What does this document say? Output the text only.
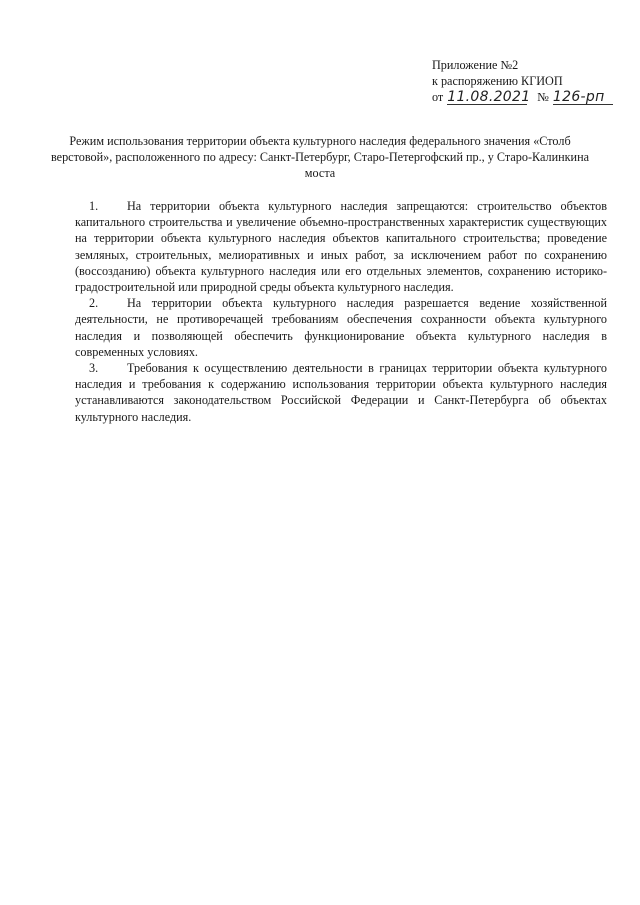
Приложение №2
к распоряжению КГИОП
от 11.08.2021 № 126-рп
Режим использования территории объекта культурного наследия федерального значения «Столб верстовой», расположенного по адресу: Санкт-Петербург, Старо-Петергофский пр., у Старо-Калинкина моста

1. На территории объекта культурного наследия запрещаются: строительство объектов капитального строительства и увеличение объемно-пространственных характеристик существующих на территории объекта культурного наследия объектов капитального строительства; проведение земляных, строительных, мелиоративных и иных работ, за исключением работ по сохранению (воссозданию) объекта культурного наследия или его отдельных элементов, сохранению историко-градостроительной или природной среды объекта культурного наследия.

2. На территории объекта культурного наследия разрешается ведение хозяйственной деятельности, не противоречащей требованиям обеспечения сохранности объекта культурного наследия и позволяющей обеспечить функционирование объекта культурного наследия в современных условиях.

3. Требования к осуществлению деятельности в границах территории объекта культурного наследия и требования к содержанию использования территории объекта культурного наследия устанавливаются законодательством Российской Федерации и Санкт-Петербурга об объектах культурного наследия.
